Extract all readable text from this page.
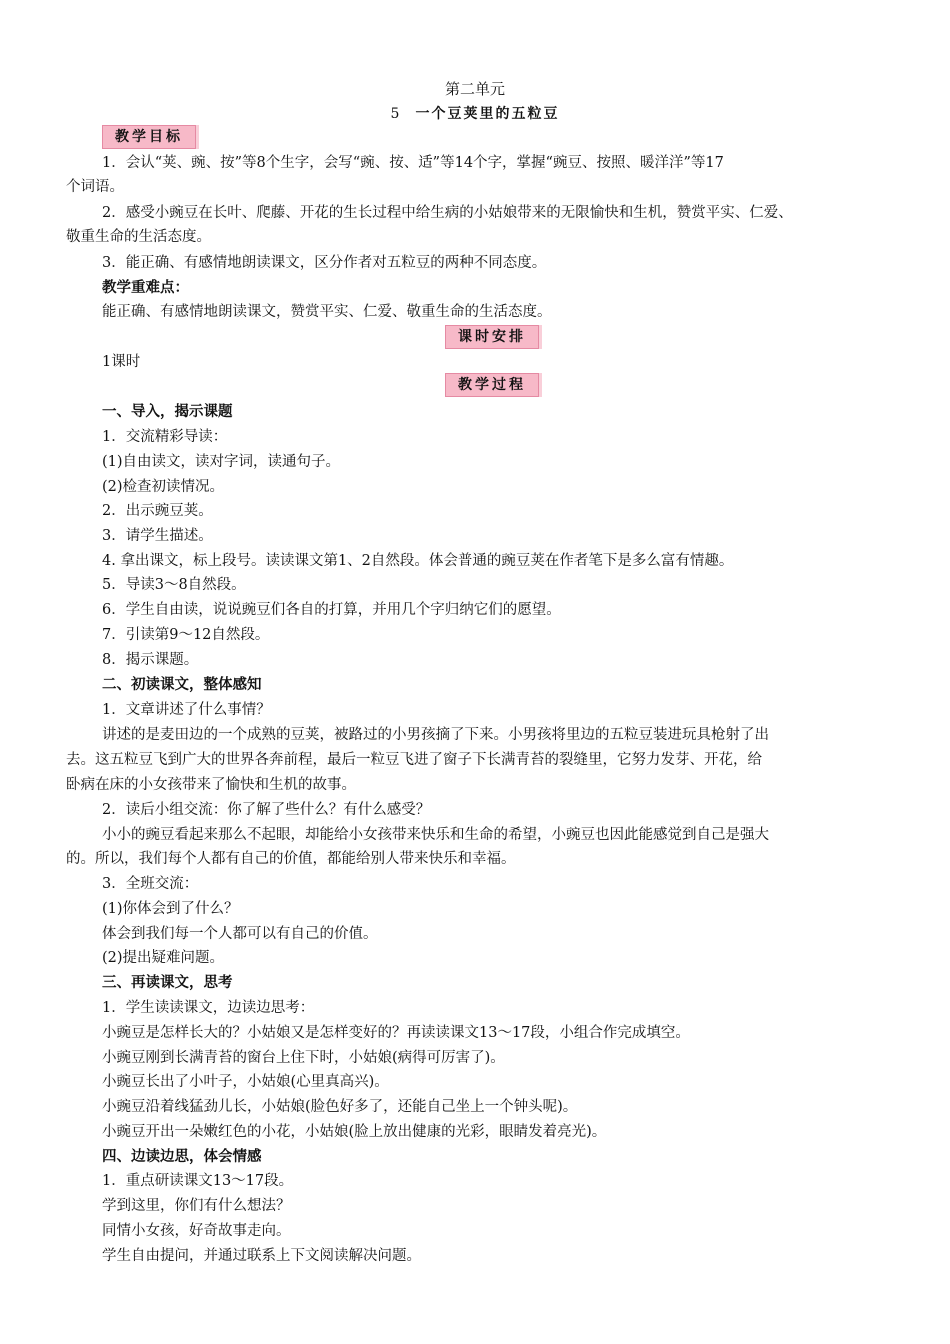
第二单元
5 一个豆荚里的五粒豆
教学目标
1．会认“荚、豌、按”等8个生字，会写“豌、按、适”等14个字，掌握“豌豆、按照、暖洋洋”等17
个词语。
2．感受小豌豆在长叶、爬藤、开花的生长过程中给生病的小姑娘带来的无限愉快和生机，赞赏平实、仁爱、
敬重生命的生活态度。
3．能正确、有感情地朗读课文，区分作者对五粒豆的两种不同态度。
教学重难点：
能正确、有感情地朗读课文，赞赏平实、仁爱、敬重生命的生活态度。
课时安排
1课时
教学过程
一、导入，揭示课题
1．交流精彩导读：
(1)自由读文，读对字词，读通句子。
(2)检查初读情况。
2．出示豌豆荚。
3．请学生描述。
4. 拿出课文，标上段号。读读课文第1、2自然段。体会普通的豌豆荚在作者笔下是多么富有情趣。
5．导读3～8自然段。
6．学生自由读，说说豌豆们各自的打算，并用几个字归纳它们的愿望。
7．引读第9～12自然段。
8．揭示课题。
二、初读课文，整体感知
1．文章讲述了什么事情？
讲述的是麦田边的一个成熟的豆荚，被路过的小男孩摘了下来。小男孩将里边的五粒豆装进玩具枪射了出
去。这五粒豆飞到广大的世界各奔前程，最后一粒豆飞进了窗子下长满青苔的裂缝里，它努力发芽、开花，给
卧病在床的小女孩带来了愉快和生机的故事。
2．读后小组交流：你了解了些什么？有什么感受？
小小的豌豆看起来那么不起眼，却能给小女孩带来快乐和生命的希望，小豌豆也因此能感觉到自己是强大
的。所以，我们每个人都有自己的价值，都能给别人带来快乐和幸福。
3．全班交流：
(1)你体会到了什么？
体会到我们每一个人都可以有自己的价值。
(2)提出疑难问题。
三、再读课文，思考
1．学生读读课文，边读边思考：
小豌豆是怎样长大的？小姑娘又是怎样变好的？再读读课文13～17段，小组合作完成填空。
小豌豆刚到长满青苔的窗台上住下时，小姑娘(病得可厉害了)。
小豌豆长出了小叶子，小姑娘(心里真高兴)。
小豌豆沿着线猛劲儿长，小姑娘(脸色好多了，还能自己坐上一个钟头呢)。
小豌豆开出一朵嫩红色的小花，小姑娘(脸上放出健康的光彩，眼睛发着亮光)。
四、边读边思，体会情感
1．重点研读课文13～17段。
学到这里，你们有什么想法？
同情小女孩，好奇故事走向。
学生自由提问，并通过联系上下文阅读解决问题。
